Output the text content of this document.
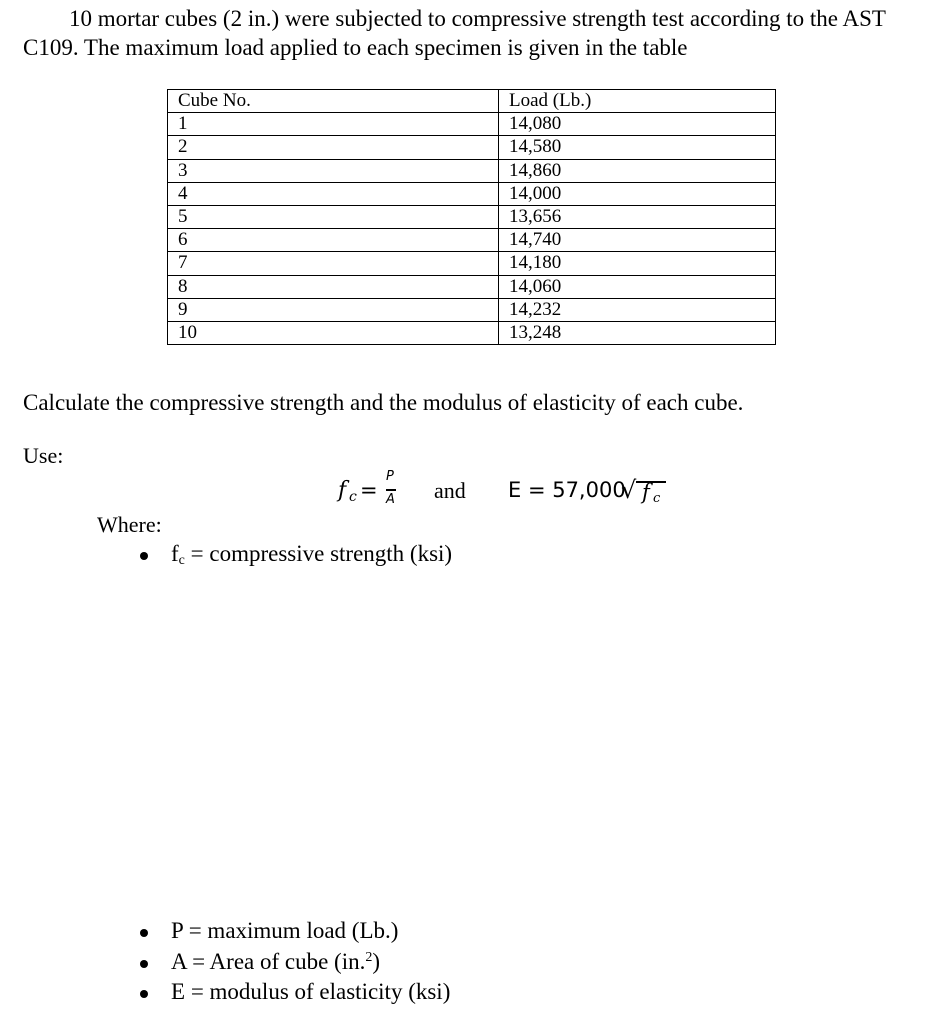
10 mortar cubes (2 in.) were subjected to compressive strength test according to the AST
C109. The maximum load applied to each specimen is given in the table
Cube No.	Load (Lb.)
1	14,080
2	14,580
3	14,860
4	14,000
5	13,656
6	14,740
7	14,180
8	14,060
9	14,232
10	13,248
Calculate the compressive strength and the modulus of elasticity of each cube.
Use:
f c =
P
A and E = 57,000
√ f c
Where:
fc = compressive strength (ksi)
P = maximum load (Lb.)
A = Area of cube (in.$^2$)
E = modulus of elasticity (ksi)
